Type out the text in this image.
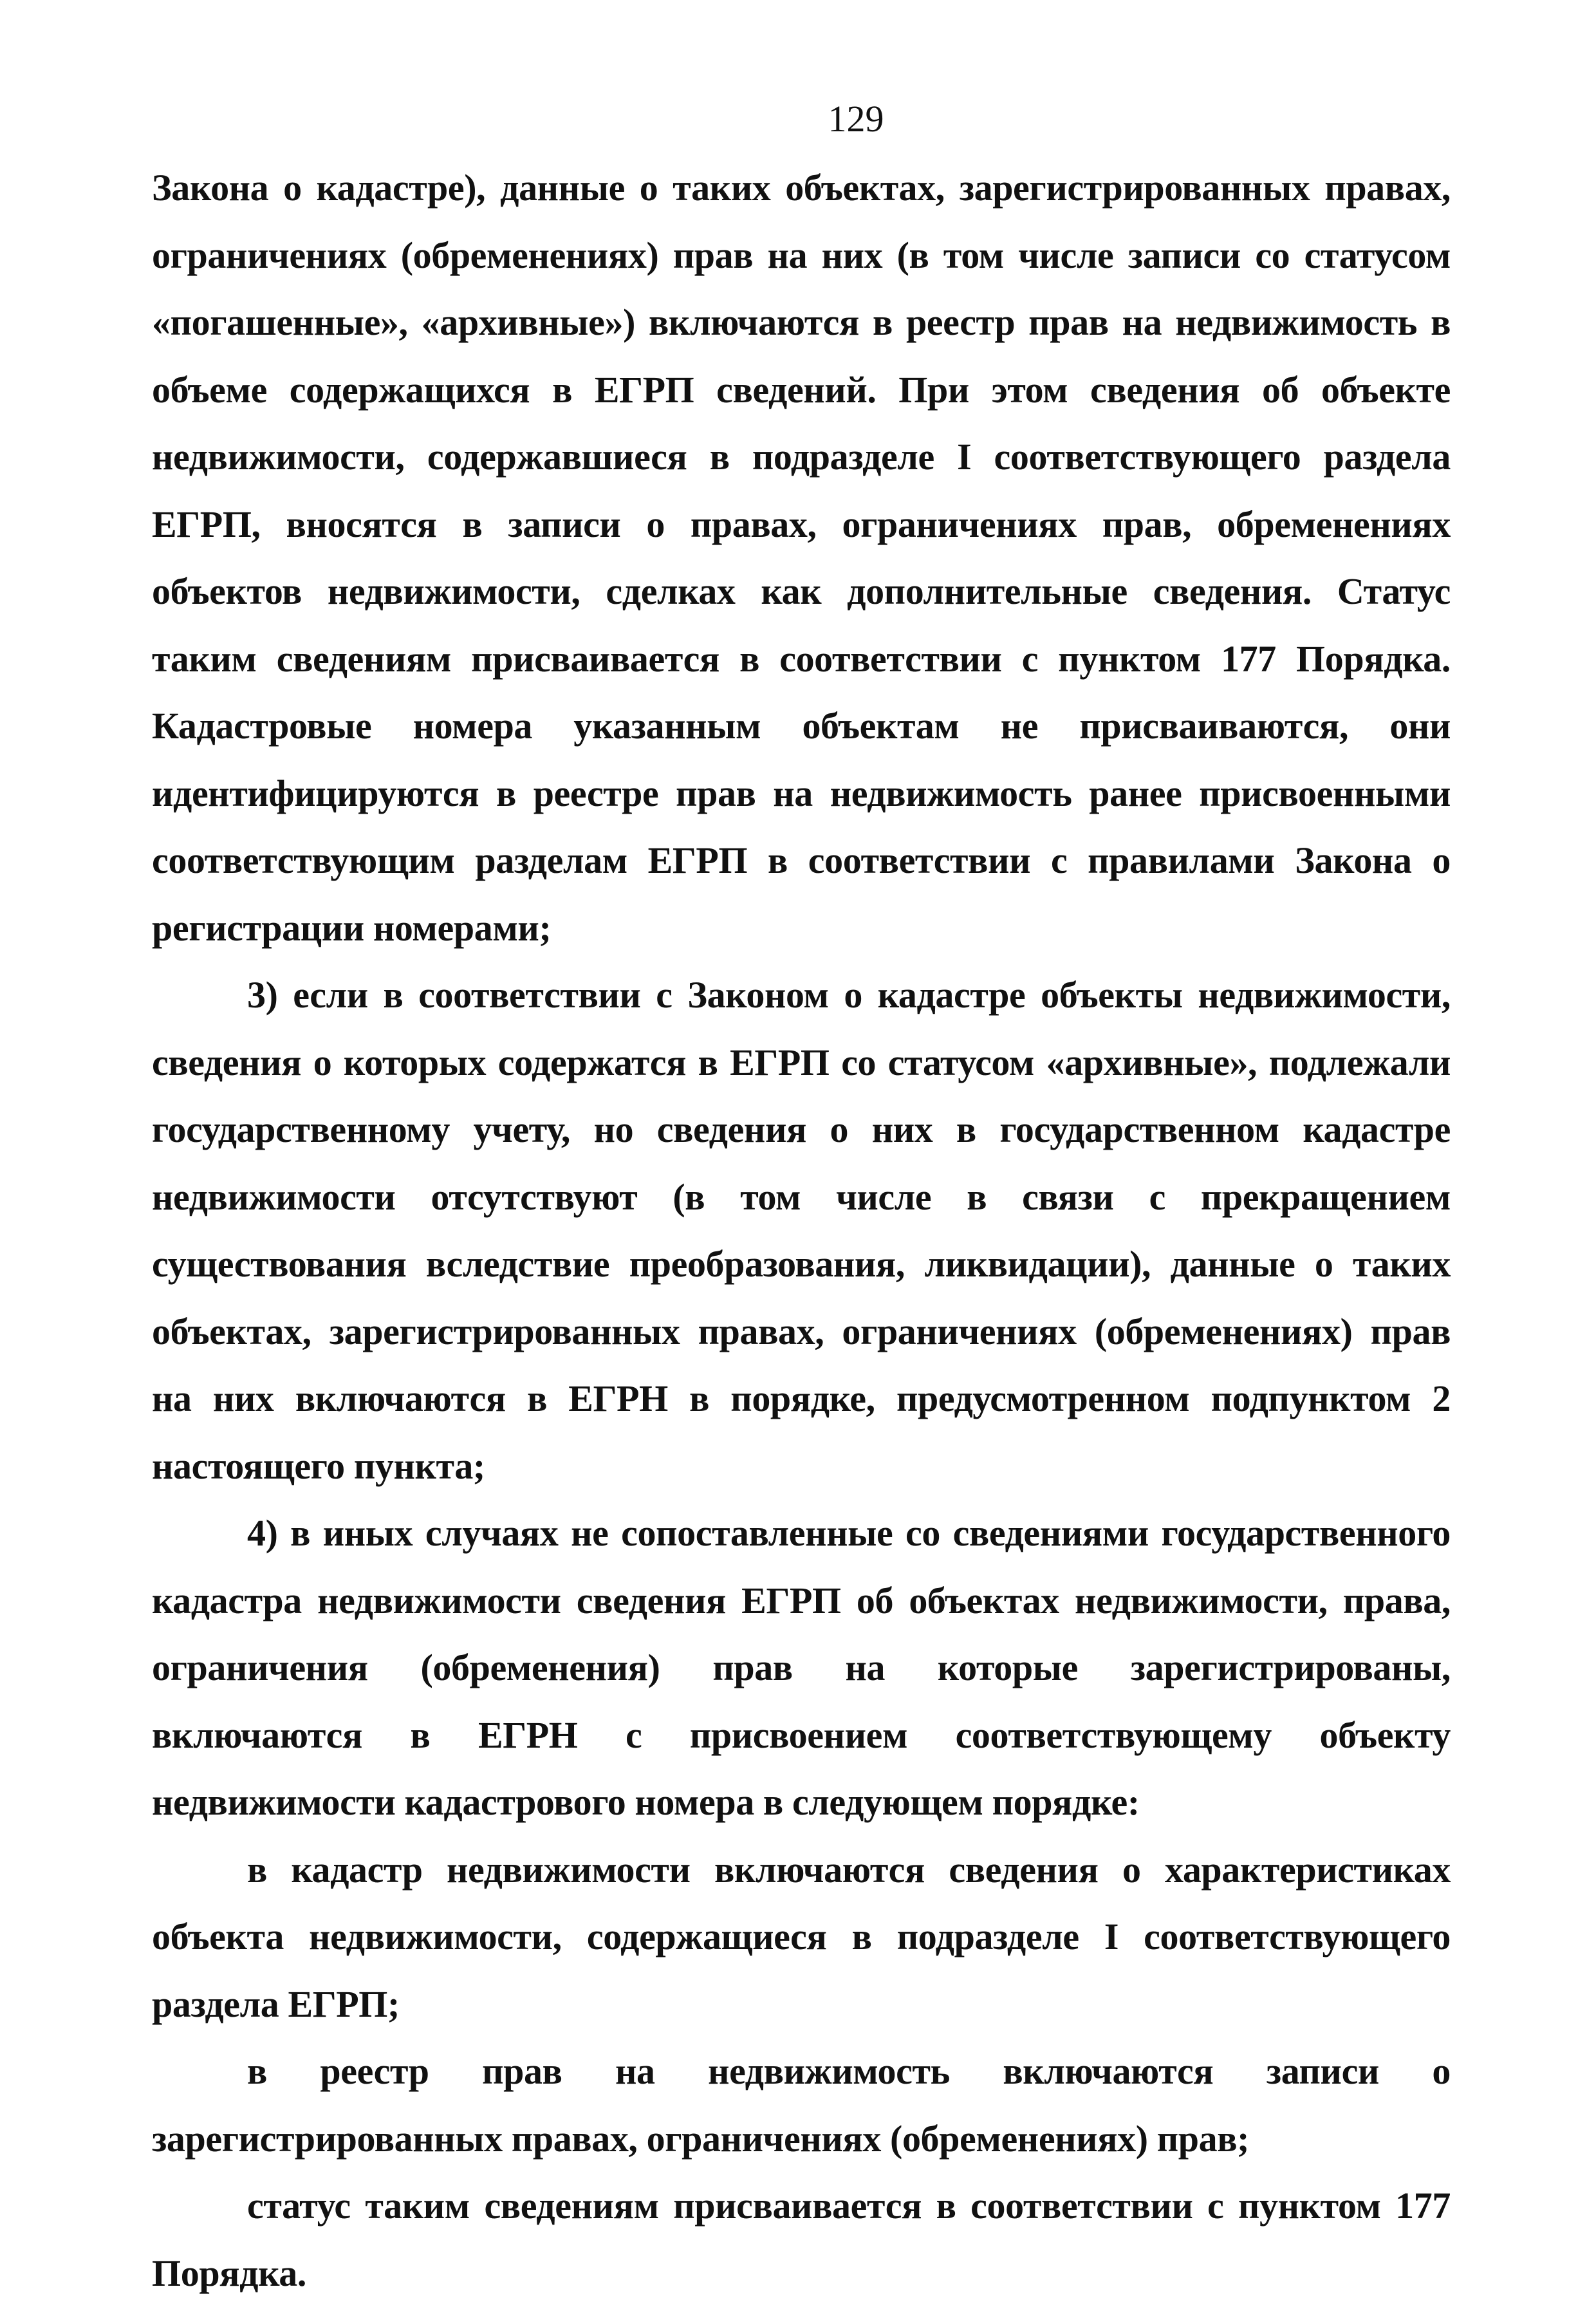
129

Закона о кадастре), данные о таких объектах, зарегистрированных правах, ограничениях (обременениях) прав на них (в том числе записи со статусом «погашенные», «архивные») включаются в реестр прав на недвижимость в объеме содержащихся в ЕГРП сведений. При этом сведения об объекте недвижимости, содержавшиеся в подразделе I соответствующего раздела ЕГРП, вносятся в записи о правах, ограничениях прав, обременениях объектов недвижимости, сделках как дополнительные сведения. Статус таким сведениям присваивается в соответствии с пунктом 177 Порядка. Кадастровые номера указанным объектам не присваиваются, они идентифицируются в реестре прав на недвижимость ранее присвоенными соответствующим разделам ЕГРП в соответствии с правилами Закона о регистрации номерами;

3) если в соответствии с Законом о кадастре объекты недвижимости, сведения о которых содержатся в ЕГРП со статусом «архивные», подлежали государственному учету, но сведения о них в государственном кадастре недвижимости отсутствуют (в том числе в связи с прекращением существования вследствие преобразования, ликвидации), данные о таких объектах, зарегистрированных правах, ограничениях (обременениях) прав на них включаются в ЕГРН в порядке, предусмотренном подпунктом 2 настоящего пункта;

4) в иных случаях не сопоставленные со сведениями государственного кадастра недвижимости сведения ЕГРП об объектах недвижимости, права, ограничения (обременения) прав на которые зарегистрированы, включаются в ЕГРН с присвоением соответствующему объекту недвижимости кадастрового номера в следующем порядке:

в кадастр недвижимости включаются сведения о характеристиках объекта недвижимости, содержащиеся в подразделе I соответствующего раздела ЕГРП;

в реестр прав на недвижимость включаются записи о зарегистрированных правах, ограничениях (обременениях) прав;

статус таким сведениям присваивается в соответствии с пунктом 177 Порядка.
